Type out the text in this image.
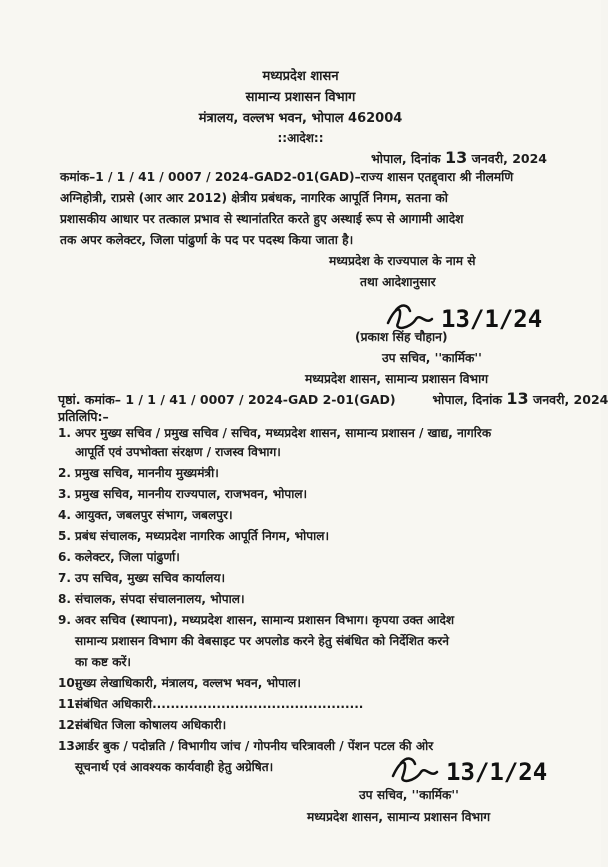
मध्यप्रदेश शासन
सामान्य प्रशासन विभाग
मंत्रालय, वल्लभ भवन, भोपाल 462004
::आदेश::
भोपाल, दिनांक 13 जनवरी, 2024
कमांक–1 / 1 / 41 / 0007 / 2024-GAD2-01(GAD)–राज्य शासन एतद्द्वारा श्री नीलमणि
अग्निहोत्री, राप्रसे (आर आर 2012) क्षेत्रीय प्रबंधक, नागरिक आपूर्ति निगम, सतना को
प्रशासकीय आधार पर तत्काल प्रभाव से स्थानांतरित करते हुए अस्थाई रूप से आगामी आदेश
तक अपर कलेक्टर, जिला पांढुर्णा के पद पर पदस्थ किया जाता है।
मध्यप्रदेश के राज्यपाल के नाम से
तथा आदेशानुसार
13/1/24
(प्रकाश सिंह चौहान)
उप सचिव, ''कार्मिक''
मध्यप्रदेश शासन, सामान्य प्रशासन विभाग
पृष्ठां. कमांक– 1 / 1 / 41 / 0007 / 2024-GAD 2-01(GAD)	भोपाल, दिनांक 13 जनवरी, 2024
प्रतिलिपि:–
1. अपर मुख्य सचिव / प्रमुख सचिव / सचिव, मध्यप्रदेश शासन, सामान्य प्रशासन / खाद्य, नागरिक
आपूर्ति एवं उपभोक्ता संरक्षण / राजस्व विभाग।
2. प्रमुख सचिव, माननीय मुख्यमंत्री।
3. प्रमुख सचिव, माननीय राज्यपाल, राजभवन, भोपाल।
4. आयुक्त, जबलपुर संभाग, जबलपुर।
5. प्रबंध संचालक, मध्यप्रदेश नागरिक आपूर्ति निगम, भोपाल।
6. कलेक्टर, जिला पांढुर्णा।
7. उप सचिव, मुख्य सचिव कार्यालय।
8. संचालक, संपदा संचालनालय, भोपाल।
9. अवर सचिव (स्थापना), मध्यप्रदेश शासन, सामान्य प्रशासन विभाग। कृपया उक्त आदेश
सामान्य प्रशासन विभाग की वेबसाइट पर अपलोड करने हेतु संबंधित को निर्देशित करने
का कष्ट करें।
10.मुख्य लेखाधिकारी, मंत्रालय, वल्लभ भवन, भोपाल।
11.संबंधित अधिकारी..............................................
12.संबंधित जिला कोषालय अधिकारी।
13.आर्डर बुक / पदोन्नति / विभागीय जांच / गोपनीय चरित्रावली / पेंशन पटल की ओर
सूचनार्थ एवं आवश्यक कार्यवाही हेतु अग्रेषित।	13/1/24
उप सचिव, ''कार्मिक''
मध्यप्रदेश शासन, सामान्य प्रशासन विभाग
